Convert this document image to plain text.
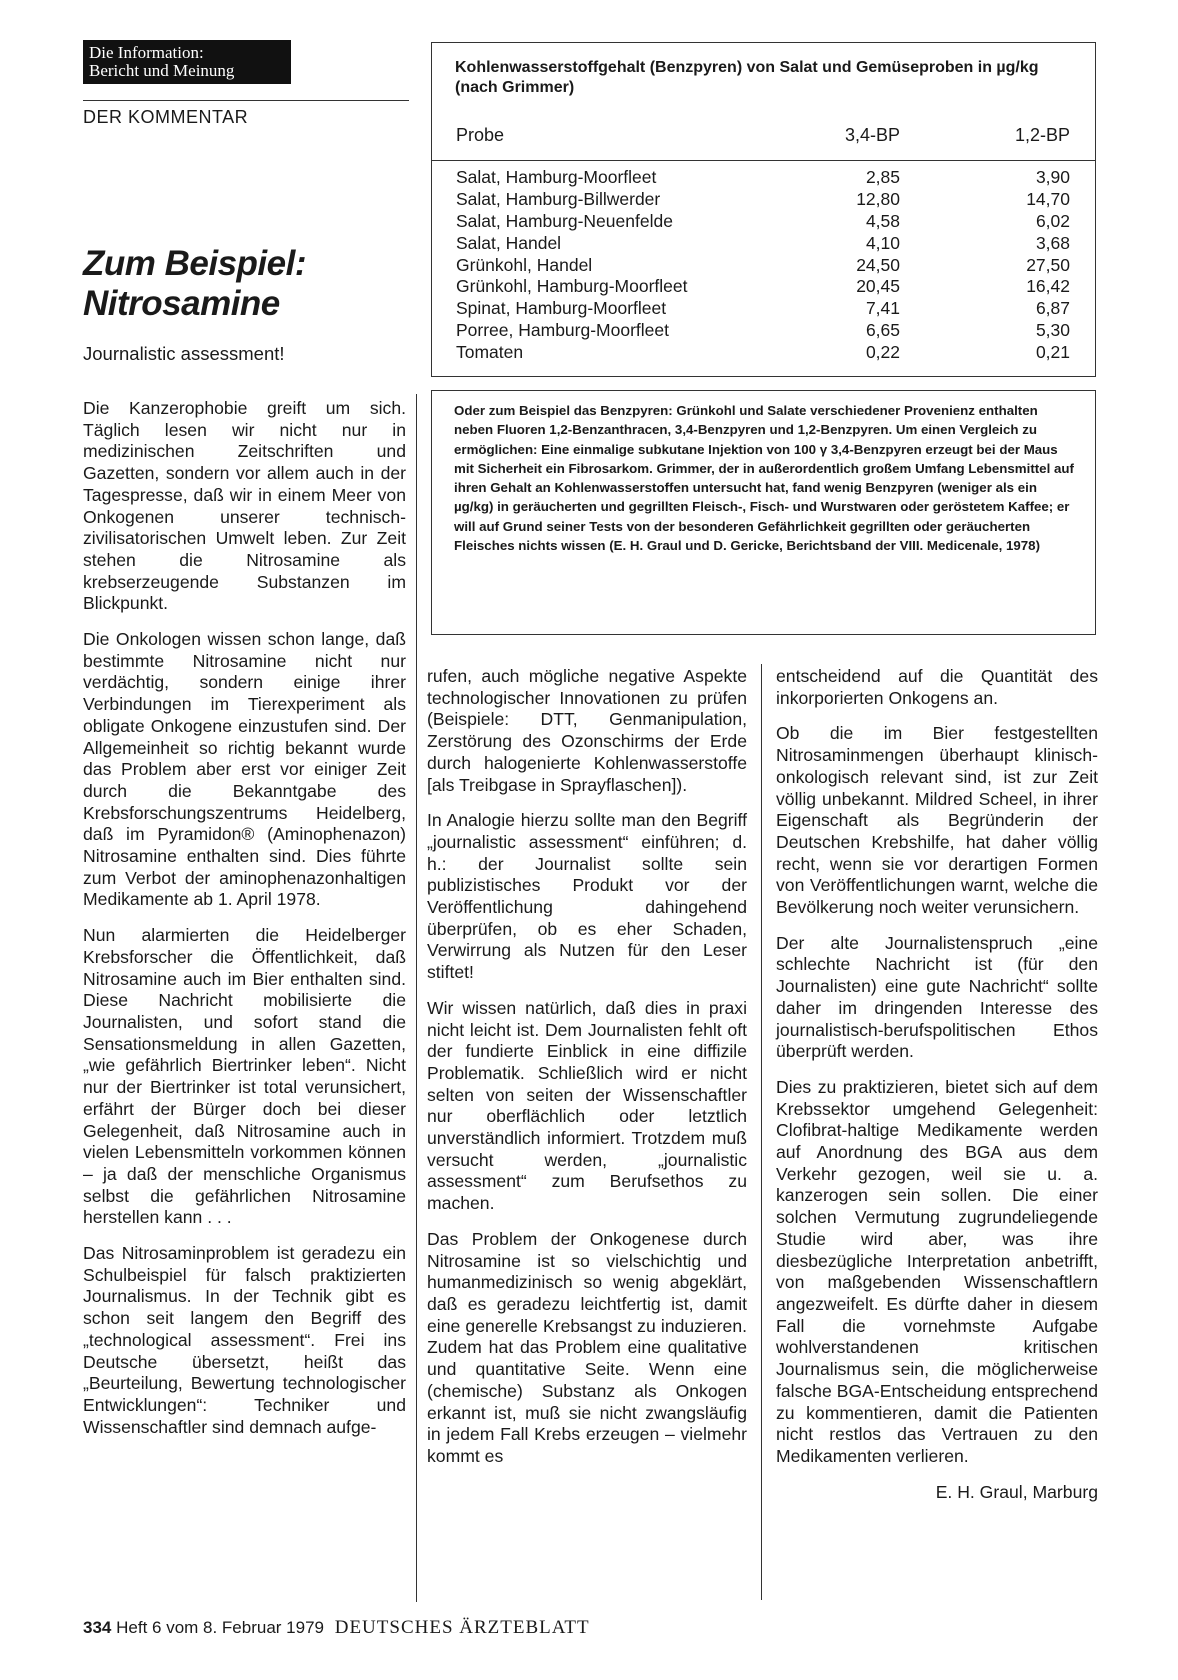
Die Information:
Bericht und Meinung
DER KOMMENTAR
Zum Beispiel:
Nitrosamine
Journalistic assessment!
Kohlenwasserstoffgehalt (Benzpyren) von Salat und Gemüseproben in µg/kg (nach Grimmer)
Probe	3,4-BP	1,2-BP
Salat, Hamburg-Moorfleet	2,85	3,90
Salat, Hamburg-Billwerder	12,80	14,70
Salat, Hamburg-Neuenfelde	4,58	6,02
Salat, Handel	4,10	3,68
Grünkohl, Handel	24,50	27,50
Grünkohl, Hamburg-Moorfleet	20,45	16,42
Spinat, Hamburg-Moorfleet	7,41	6,87
Porree, Hamburg-Moorfleet	6,65	5,30
Tomaten	0,22	0,21
Oder zum Beispiel das Benzpyren: Grünkohl und Salate verschiedener Provenienz enthalten neben Fluoren 1,2-Benzanthracen, 3,4-Benzpyren und 1,2-Benzpyren. Um einen Vergleich zu ermöglichen: Eine einmalige subkutane Injektion von 100 γ 3,4-Benzpyren erzeugt bei der Maus mit Sicherheit ein Fibrosarkom. Grimmer, der in außerordentlich großem Umfang Lebensmittel auf ihren Gehalt an Kohlenwasserstoffen untersucht hat, fand wenig Benzpyren (weniger als ein µg/kg) in geräucherten und gegrillten Fleisch-, Fisch- und Wurstwaren oder geröstetem Kaffee; er will auf Grund seiner Tests von der besonderen Gefährlichkeit gegrillten oder geräucherten Fleisches nichts wissen (E. H. Graul und D. Gericke, Berichtsband der VIII. Medicenale, 1978)

Die Kanzerophobie greift um sich. Täglich lesen wir nicht nur in medizinischen Zeitschriften und Gazetten, sondern vor allem auch in der Tagespresse, daß wir in einem Meer von Onkogenen unserer technisch-zivilisatorischen Umwelt leben. Zur Zeit stehen die Nitrosamine als krebserzeugende Substanzen im Blickpunkt.

Die Onkologen wissen schon lange, daß bestimmte Nitrosamine nicht nur verdächtig, sondern einige ihrer Verbindungen im Tierexperiment als obligate Onkogene einzustufen sind. Der Allgemeinheit so richtig bekannt wurde das Problem aber erst vor einiger Zeit durch die Bekanntgabe des Krebsforschungszentrums Heidelberg, daß im Pyramidon® (Aminophenazon) Nitrosamine enthalten sind. Dies führte zum Verbot der aminophenazonhaltigen Medikamente ab 1. April 1978.

Nun alarmierten die Heidelberger Krebsforscher die Öffentlichkeit, daß Nitrosamine auch im Bier enthalten sind. Diese Nachricht mobilisierte die Journalisten, und sofort stand die Sensationsmeldung in allen Gazetten, „wie gefährlich Biertrinker leben“. Nicht nur der Biertrinker ist total verunsichert, erfährt der Bürger doch bei dieser Gelegenheit, daß Nitrosamine auch in vielen Lebensmitteln vorkommen können – ja daß der menschliche Organismus selbst die gefährlichen Nitrosamine herstellen kann . . .

Das Nitrosaminproblem ist geradezu ein Schulbeispiel für falsch praktizierten Journalismus. In der Technik gibt es schon seit langem den Begriff des „technological assessment“. Frei ins Deutsche übersetzt, heißt das „Beurteilung, Bewertung technologischer Entwicklungen“: Techniker und Wissenschaftler sind demnach aufge-

rufen, auch mögliche negative Aspekte technologischer Innovationen zu prüfen (Beispiele: DTT, Genmanipulation, Zerstörung des Ozonschirms der Erde durch halogenierte Kohlenwasserstoffe [als Treibgase in Sprayflaschen]).

In Analogie hierzu sollte man den Begriff „journalistic assessment“ einführen; d. h.: der Journalist sollte sein publizistisches Produkt vor der Veröffentlichung dahingehend überprüfen, ob es eher Schaden, Verwirrung als Nutzen für den Leser stiftet!

Wir wissen natürlich, daß dies in praxi nicht leicht ist. Dem Journalisten fehlt oft der fundierte Einblick in eine diffizile Problematik. Schließlich wird er nicht selten von seiten der Wissenschaftler nur oberflächlich oder letztlich unverständlich informiert. Trotzdem muß versucht werden, „journalistic assessment“ zum Berufsethos zu machen.

Das Problem der Onkogenese durch Nitrosamine ist so vielschichtig und humanmedizinisch so wenig abgeklärt, daß es geradezu leichtfertig ist, damit eine generelle Krebsangst zu induzieren. Zudem hat das Problem eine qualitative und quantitative Seite. Wenn eine (chemische) Substanz als Onkogen erkannt ist, muß sie nicht zwangsläufig in jedem Fall Krebs erzeugen – vielmehr kommt es

entscheidend auf die Quantität des inkorporierten Onkogens an.

Ob die im Bier festgestellten Nitrosaminmengen überhaupt klinisch-onkologisch relevant sind, ist zur Zeit völlig unbekannt. Mildred Scheel, in ihrer Eigenschaft als Begründerin der Deutschen Krebshilfe, hat daher völlig recht, wenn sie vor derartigen Formen von Veröffentlichungen warnt, welche die Bevölkerung noch weiter verunsichern.

Der alte Journalistenspruch „eine schlechte Nachricht ist (für den Journalisten) eine gute Nachricht“ sollte daher im dringenden Interesse des journalistisch-berufspolitischen Ethos überprüft werden.

Dies zu praktizieren, bietet sich auf dem Krebssektor umgehend Gelegenheit: Clofibrat-haltige Medikamente werden auf Anordnung des BGA aus dem Verkehr gezogen, weil sie u. a. kanzerogen sein sollen. Die einer solchen Vermutung zugrundeliegende Studie wird aber, was ihre diesbezügliche Interpretation anbetrifft, von maßgebenden Wissenschaftlern angezweifelt. Es dürfte daher in diesem Fall die vornehmste Aufgabe wohlverstandenen kritischen Journalismus sein, die möglicherweise falsche BGA-Entscheidung entsprechend zu kommentieren, damit die Patienten nicht restlos das Vertrauen zu den Medikamenten verlieren.

E. H. Graul, Marburg
334 Heft 6 vom 8. Februar 1979 DEUTSCHES ÄRZTEBLATT
